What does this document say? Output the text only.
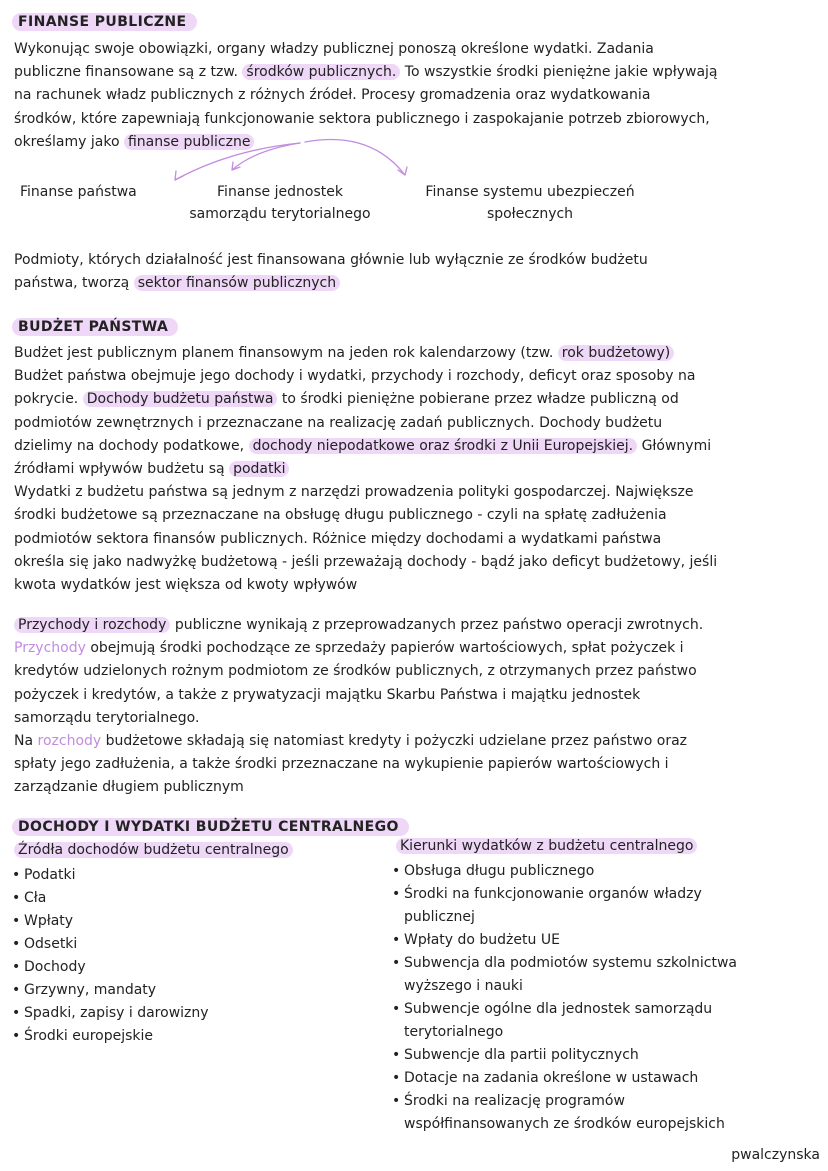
FINANSE PUBLICZNE
Wykonując swoje obowiązki, organy władzy publicznej ponoszą określone wydatki. Zadania
publiczne finansowane są z tzw. środków publicznych. To wszystkie środki pieniężne jakie wpływają
na rachunek władz publicznych z różnych źródeł. Procesy gromadzenia oraz wydatkowania
środków, które zapewniają funkcjonowanie sektora publicznego i zaspokajanie potrzeb zbiorowych,
określamy jako finanse publiczne
Finanse państwa	Finanse jednostek
samorządu terytorialnego
Finanse systemu ubezpieczeń
społecznych
Podmioty, których działalność jest finansowana głównie lub wyłącznie ze środków budżetu
państwa, tworzą sektor finansów publicznych
BUDŻET PAŃSTWA
Budżet jest publicznym planem finansowym na jeden rok kalendarzowy (tzw. rok budżetowy)
Budżet państwa obejmuje jego dochody i wydatki, przychody i rozchody, deficyt oraz sposoby na
pokrycie. Dochody budżetu państwa to środki pieniężne pobierane przez władze publiczną od
podmiotów zewnętrznych i przeznaczane na realizację zadań publicznych. Dochody budżetu
dzielimy na dochody podatkowe, dochody niepodatkowe oraz środki z Unii Europejskiej. Głównymi
źródłami wpływów budżetu są podatki
Wydatki z budżetu państwa są jednym z narzędzi prowadzenia polityki gospodarczej. Największe
środki budżetowe są przeznaczane na obsługę długu publicznego - czyli na spłatę zadłużenia
podmiotów sektora finansów publicznych. Różnice między dochodami a wydatkami państwa
określa się jako nadwyżkę budżetową - jeśli przeważają dochody - bądź jako deficyt budżetowy, jeśli
kwota wydatków jest większa od kwoty wpływów
Przychody i rozchody publiczne wynikają z przeprowadzanych przez państwo operacji zwrotnych.
Przychody obejmują środki pochodzące ze sprzedaży papierów wartościowych, spłat pożyczek i
kredytów udzielonych rożnym podmiotom ze środków publicznych, z otrzymanych przez państwo
pożyczek i kredytów, a także z prywatyzacji majątku Skarbu Państwa i majątku jednostek
samorządu terytorialnego.
Na rozchody budżetowe składają się natomiast kredyty i pożyczki udzielane przez państwo oraz
spłaty jego zadłużenia, a także środki przeznaczane na wykupienie papierów wartościowych i
zarządzanie długiem publicznym
DOCHODY I WYDATKI BUDŻETU CENTRALNEGO
Źródła dochodów budżetu centralnego
• Podatki
• Cła
• Wpłaty
• Odsetki
• Dochody
• Grzywny, mandaty
• Spadki, zapisy i darowizny
• Środki europejskie
Kierunki wydatków z budżetu centralnego
• Obsługa długu publicznego
• Środki na funkcjonowanie organów władzy
publicznej
• Wpłaty do budżetu UE
• Subwencja dla podmiotów systemu szkolnictwa
wyższego i nauki
• Subwencje ogólne dla jednostek samorządu
terytorialnego
• Subwencje dla partii politycznych
• Dotacje na zadania określone w ustawach
• Środki na realizację programów
współfinansowanych ze środków europejskich
pwalczynska
